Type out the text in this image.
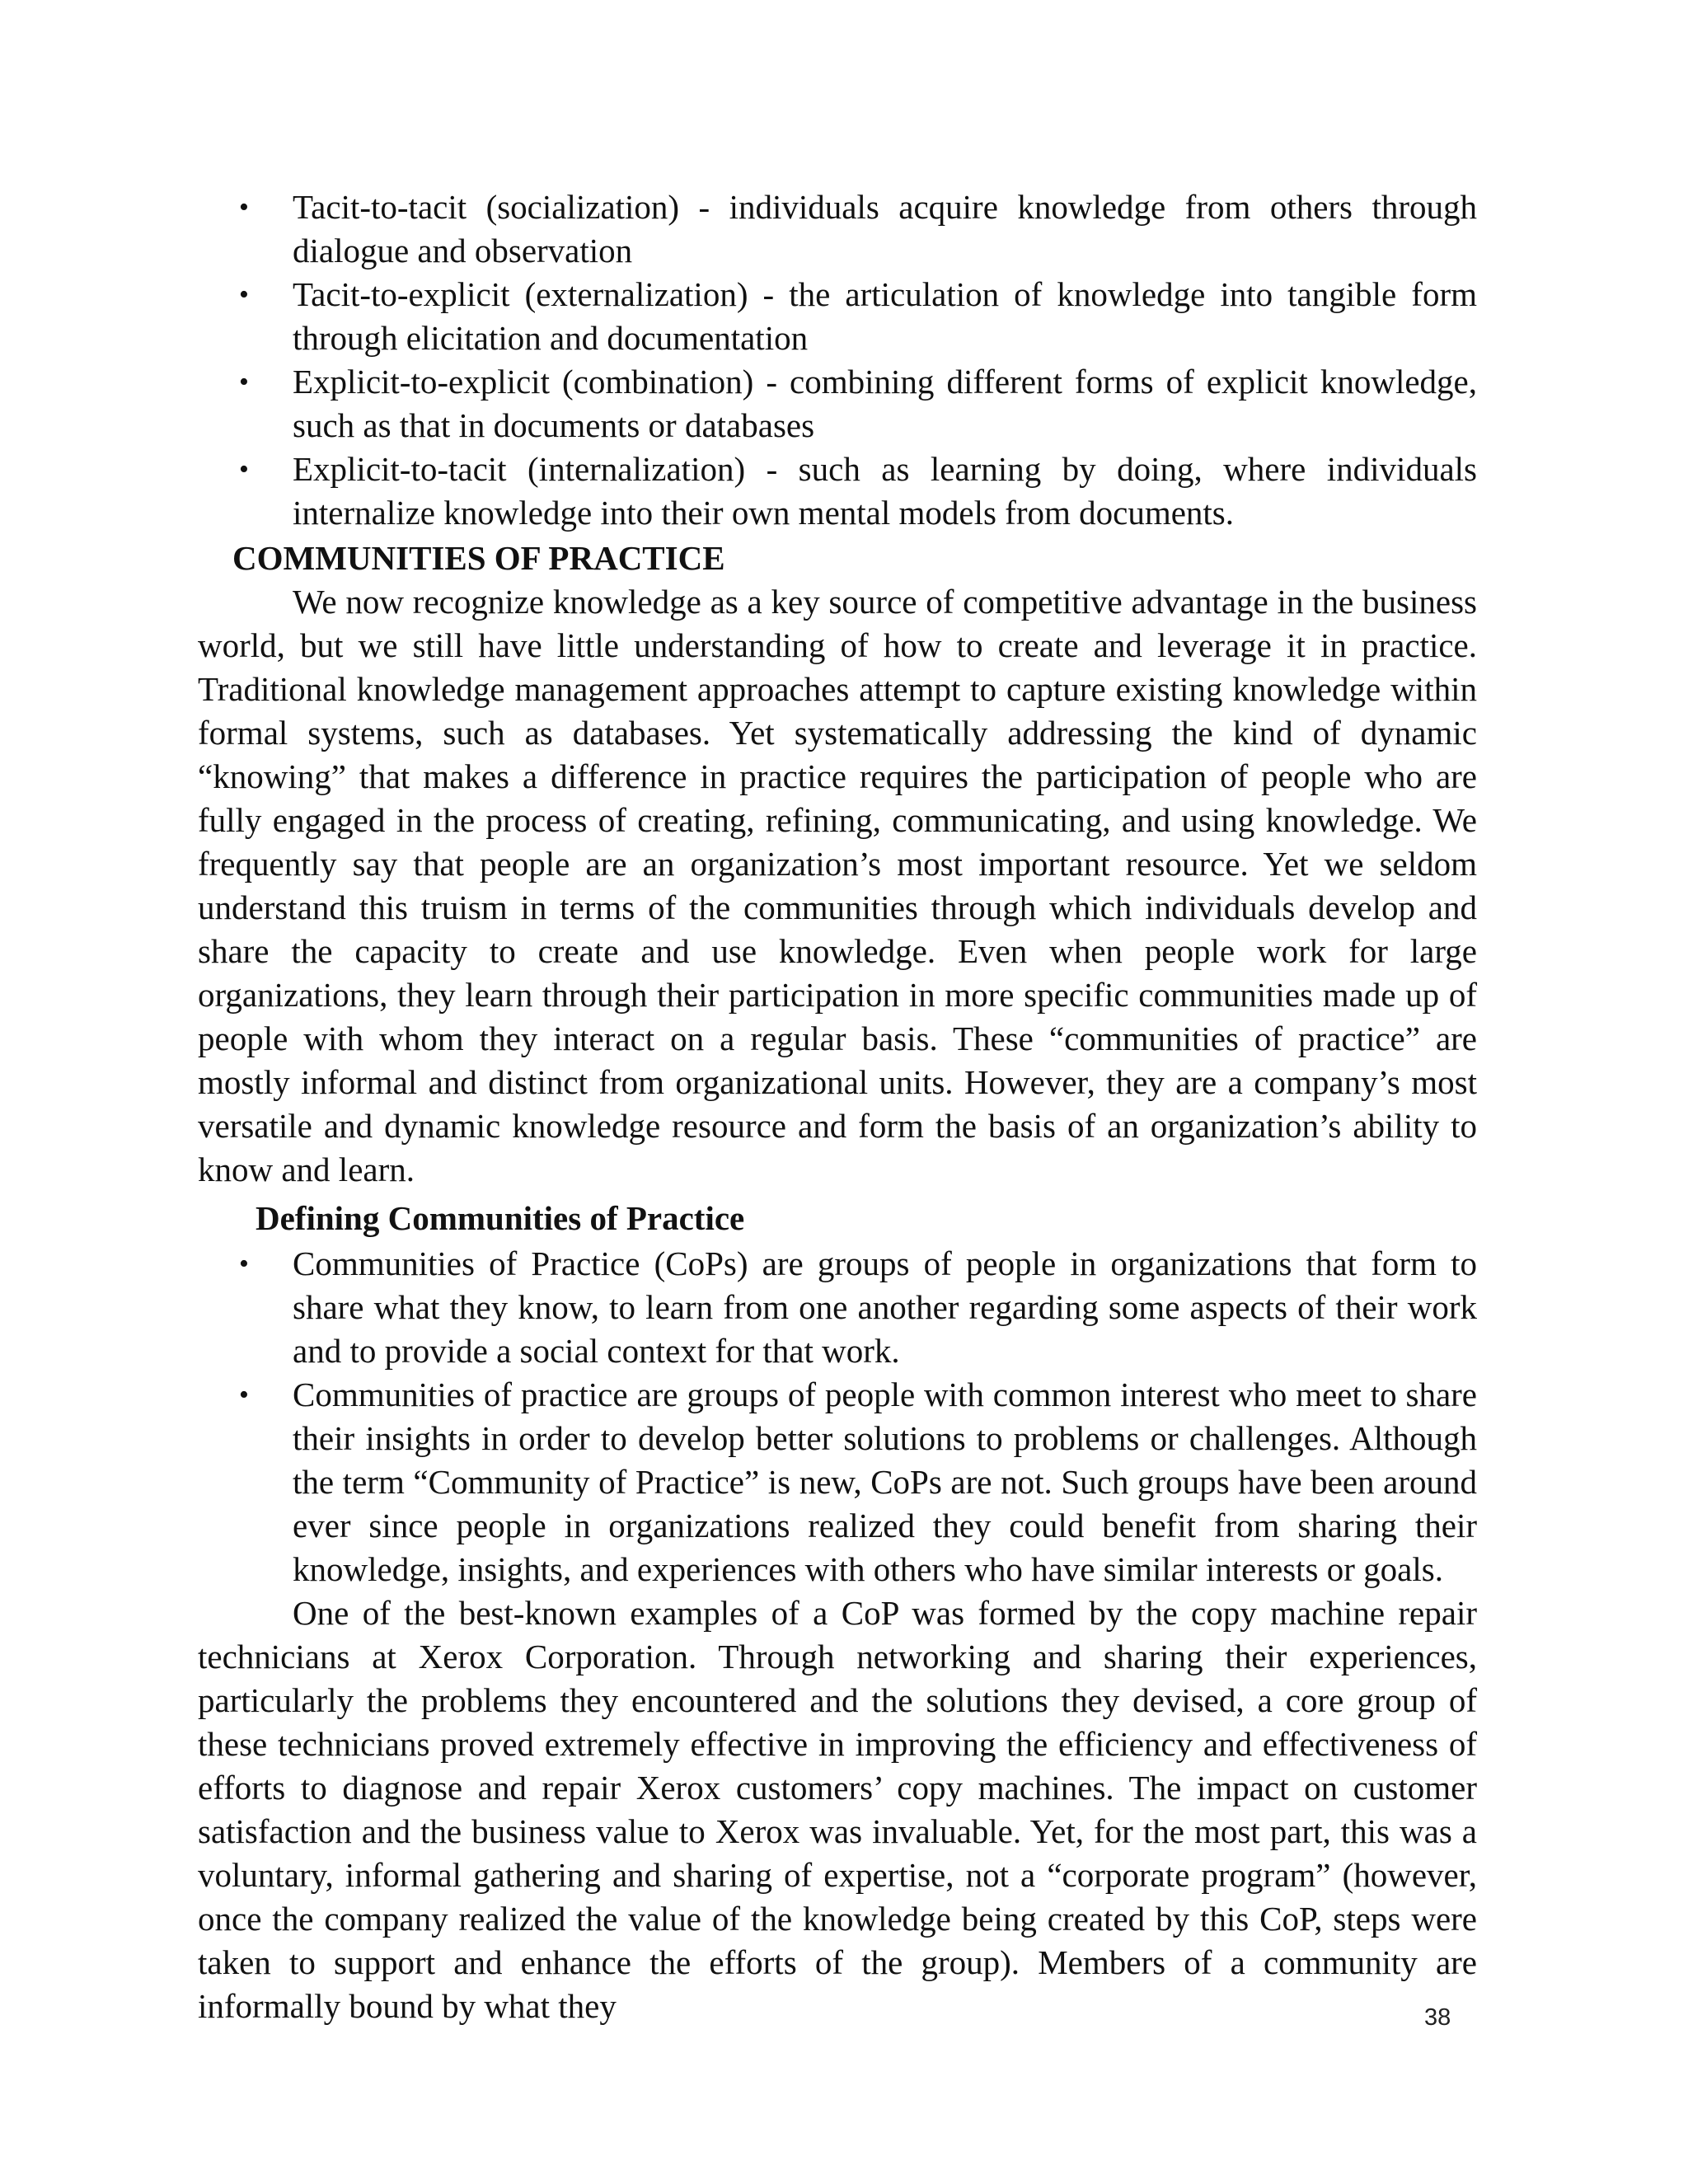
• Tacit-to-tacit (socialization) - individuals acquire knowledge from others through dialogue and observation
• Tacit-to-explicit (externalization) - the articulation of knowledge into tangible form through elicitation and documentation
• Explicit-to-explicit (combination) - combining different forms of explicit knowledge, such as that in documents or databases
• Explicit-to-tacit (internalization) - such as learning by doing, where individuals internalize knowledge into their own mental models from documents.
COMMUNITIES OF PRACTICE

We now recognize knowledge as a key source of competitive advantage in the business world, but we still have little understanding of how to create and leverage it in practice. Traditional knowledge management approaches attempt to capture existing knowledge within formal systems, such as databases. Yet systematically addressing the kind of dynamic “knowing” that makes a difference in practice requires the participation of people who are fully engaged in the process of creating, refining, communicating, and using knowledge. We frequently say that people are an organization’s most important resource. Yet we seldom understand this truism in terms of the communities through which individuals develop and share the capacity to create and use knowledge. Even when people work for large organizations, they learn through their participation in more specific communities made up of people with whom they interact on a regular basis. These “communities of practice” are mostly informal and distinct from organizational units. However, they are a company’s most versatile and dynamic knowledge resource and form the basis of an organization’s ability to know and learn.

Defining Communities of Practice
• Communities of Practice (CoPs) are groups of people in organizations that form to share what they know, to learn from one another regarding some aspects of their work and to provide a social context for that work.
• Communities of practice are groups of people with common interest who meet to share their insights in order to develop better solutions to problems or challenges. Although the term “Community of Practice” is new, CoPs are not. Such groups have been around ever since people in organizations realized they could benefit from sharing their knowledge, insights, and experiences with others who have similar interests or goals.

One of the best-known examples of a CoP was formed by the copy machine repair technicians at Xerox Corporation. Through networking and sharing their experiences, particularly the problems they encountered and the solutions they devised, a core group of these technicians proved extremely effective in improving the efficiency and effectiveness of efforts to diagnose and repair Xerox customers’ copy machines. The impact on customer satisfaction and the business value to Xerox was invaluable. Yet, for the most part, this was a voluntary, informal gathering and sharing of expertise, not a “corporate program” (however, once the company realized the value of the knowledge being created by this CoP, steps were taken to support and enhance the efforts of the group). Members of a community are informally bound by what they	38
